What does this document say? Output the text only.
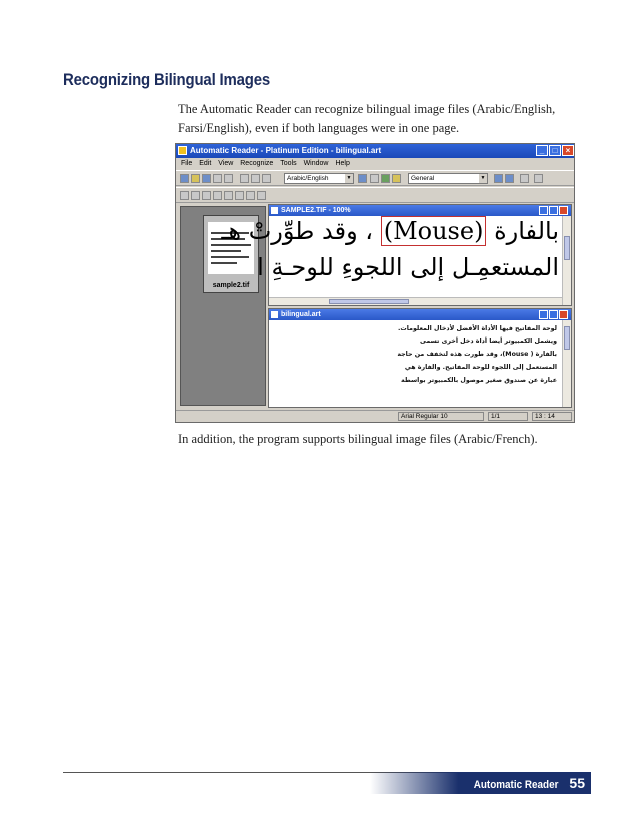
Recognizing Bilingual Images
The Automatic Reader can recognize bilingual image files (Arabic/English,
Farsi/English), even if both languages were in one page.
Automatic Reader - Platinum Edition - bilingual.art	_	□	×
File Edit View Recognize Tools Window Help
Arabic/English	▼	General	▼
sample2.tif
SAMPLE2.TIF - 100%
بالفارة (Mouse) ، وقد طوِّرتْ هـ
المستعمِـل إلى اللجوءِ للوحـةِ ا
bilingual.art
لوحة المفاتيح فيها الأداة الأفضل لأدخال المعلومات.
ويشمل الكمبيوتر أيضا أداة دخل أخرى تسمى
بالفارة ( Mouse)، وقد طورت هذه لتخفف من حاجة
المستعمل إلى اللجوء للوحة المفاتيح. والفارة هي
عبارة عن صندوق صغير موصول بالكمبيوتر بواسطة
Arial Regular 10	1/1	13 : 14
In addition, the program supports bilingual image files (Arabic/French).
Automatic Reader 55
